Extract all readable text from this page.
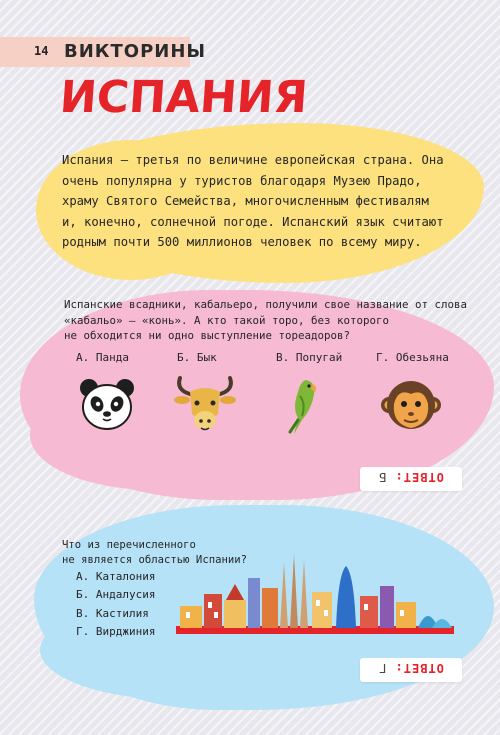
14 ВИКТОРИНЫ
ИСПАНИЯ
Испания — третья по величине европейская страна. Она
очень популярна у туристов благодаря Музею Прадо,
храму Святого Семейства, многочисленным фестивалям
и, конечно, солнечной погоде. Испанский язык считают
родным почти 500 миллионов человек по всему миру.
Испанские всадники, кабальеро, получили свое название от слова
«кабальо» — «конь». А кто такой торо, без которого
не обходится ни одно выступление тореадоров?
А. Панда	Б. Бык	В. Попугай	Г. Обезьяна
ОТВЕТ: Б
Что из перечисленного
не является областью Испании?
А. Каталония
Б. Андалусия
В. Кастилия
Г. Вирджиния
ОТВЕТ: Г
